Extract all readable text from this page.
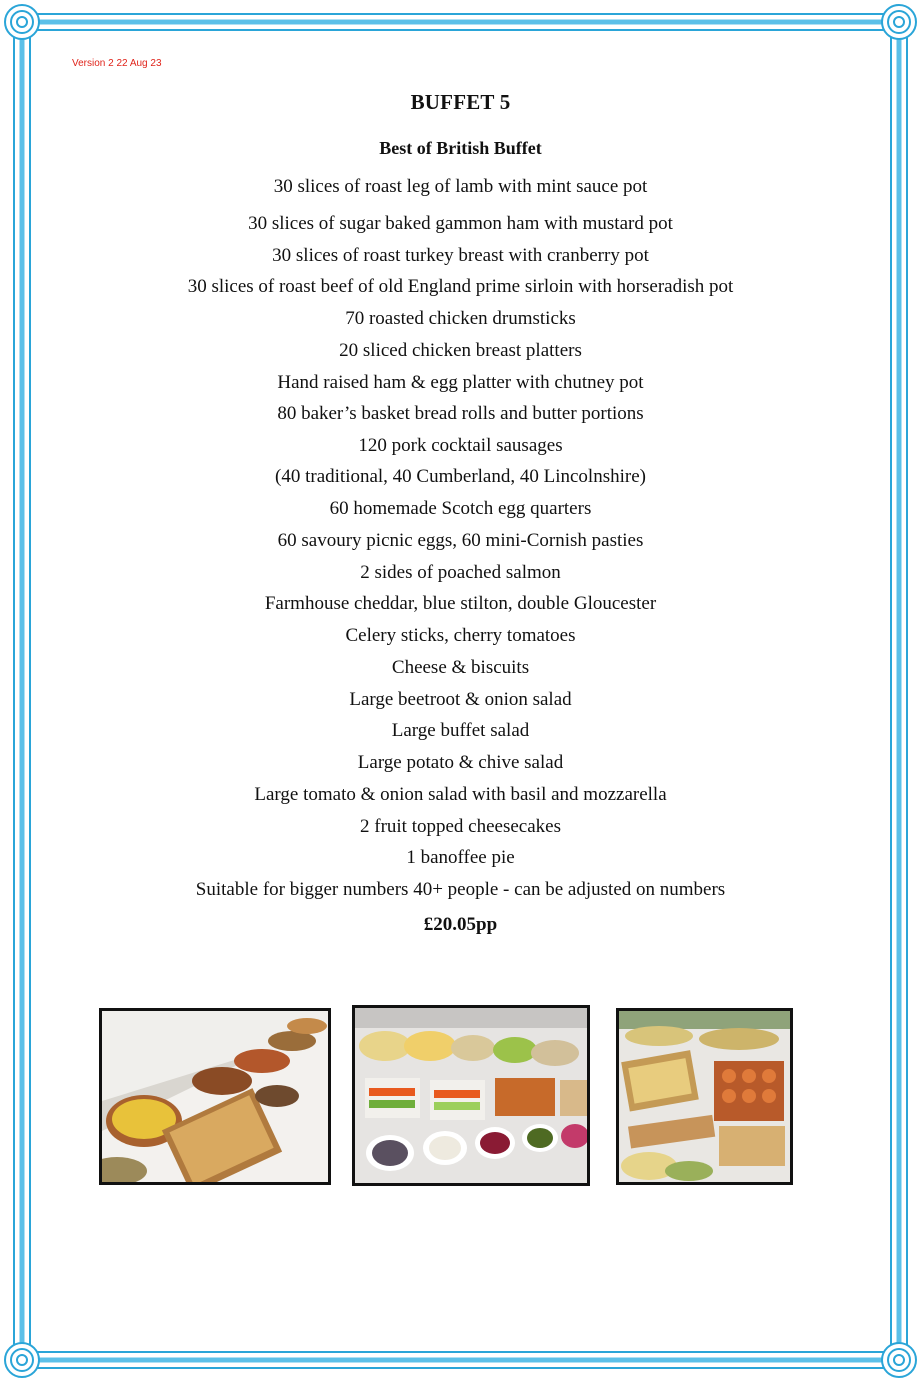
Version 2 22 Aug 23
BUFFET 5
Best of British Buffet
30 slices of roast leg of lamb with mint sauce pot
30 slices of sugar baked gammon ham with mustard pot
30 slices of roast turkey breast with cranberry pot
30 slices of roast beef of old England prime sirloin with horseradish pot
70 roasted chicken drumsticks
20 sliced chicken breast platters
Hand raised ham & egg platter with chutney pot
80 baker’s basket bread rolls and butter portions
120 pork cocktail sausages
(40 traditional, 40 Cumberland, 40 Lincolnshire)
60 homemade Scotch egg quarters
60 savoury picnic eggs, 60 mini-Cornish pasties
2 sides of poached salmon
Farmhouse cheddar, blue stilton, double Gloucester
Celery sticks, cherry tomatoes
Cheese & biscuits
Large beetroot & onion salad
Large buffet salad
Large potato & chive salad
Large tomato & onion salad with basil and mozzarella
2 fruit topped cheesecakes
1 banoffee pie
Suitable for bigger numbers 40+ people - can be adjusted on numbers
£20.05pp
